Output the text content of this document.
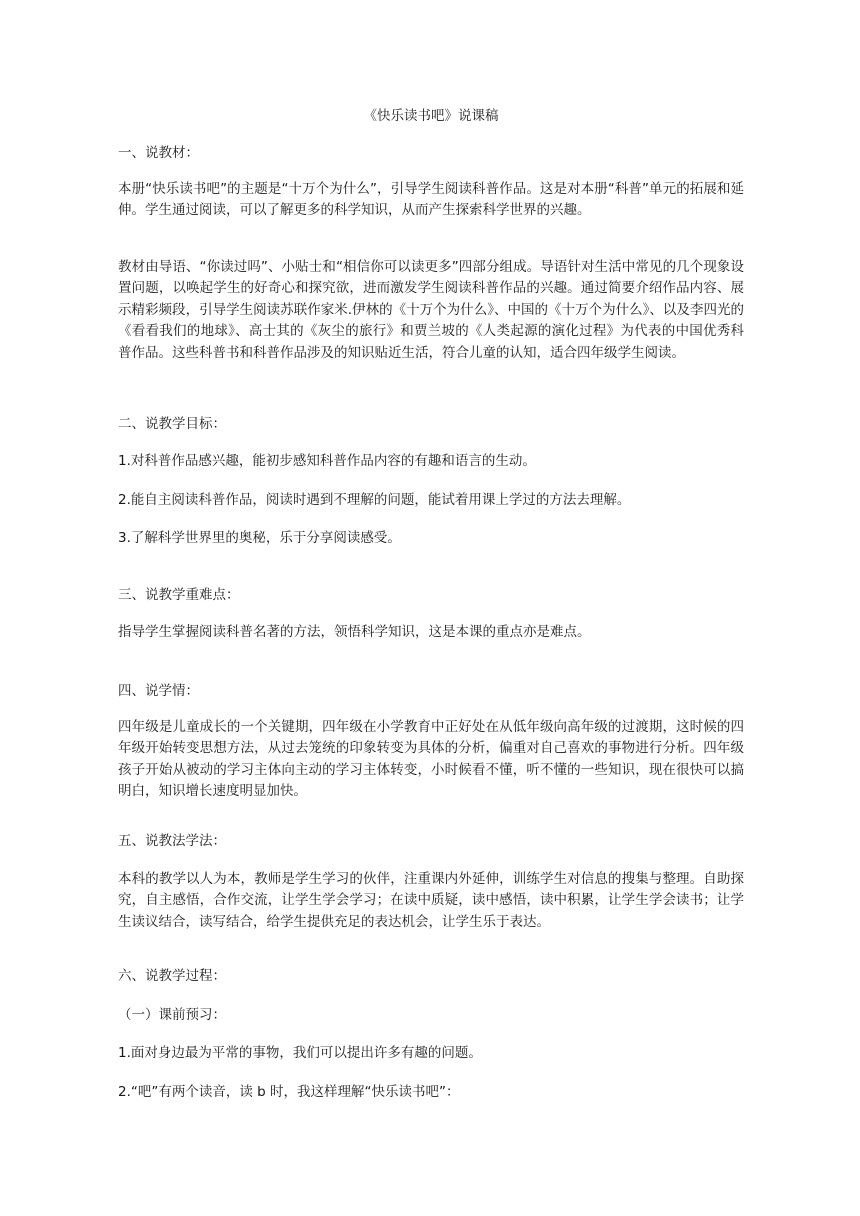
《快乐读书吧》说课稿

一、说教材：

本册“快乐读书吧”的主题是“十万个为什么”，引导学生阅读科普作品。这是对本册“科普”单元的拓展和延伸。学生通过阅读，可以了解更多的科学知识，从而产生探索科学世界的兴趣。

教材由导语、“你读过吗”、小贴士和“相信你可以读更多”四部分组成。导语针对生活中常见的几个现象设置问题，以唤起学生的好奇心和探究欲，进而激发学生阅读科普作品的兴趣。通过简要介绍作品内容、展示精彩频段，引导学生阅读苏联作家米.伊林的《十万个为什么》、中国的《十万个为什么》、以及李四光的《看看我们的地球》、高士其的《灰尘的旅行》和贾兰坡的《人类起源的演化过程》为代表的中国优秀科普作品。这些科普书和科普作品涉及的知识贴近生活，符合儿童的认知，适合四年级学生阅读。

二、说教学目标：

1.对科普作品感兴趣，能初步感知科普作品内容的有趣和语言的生动。

2.能自主阅读科普作品，阅读时遇到不理解的问题，能试着用课上学过的方法去理解。

3.了解科学世界里的奥秘，乐于分享阅读感受。

三、说教学重难点：

指导学生掌握阅读科普名著的方法，领悟科学知识，这是本课的重点亦是难点。

四、说学情：

四年级是儿童成长的一个关键期，四年级在小学教育中正好处在从低年级向高年级的过渡期，这时候的四年级开始转变思想方法，从过去笼统的印象转变为具体的分析，偏重对自己喜欢的事物进行分析。四年级孩子开始从被动的学习主体向主动的学习主体转变，小时候看不懂，听不懂的一些知识，现在很快可以搞明白，知识增长速度明显加快。

五、说教法学法：

本科的教学以人为本，教师是学生学习的伙伴，注重课内外延伸，训练学生对信息的搜集与整理。自助探究，自主感悟，合作交流，让学生学会学习；在读中质疑，读中感悟，读中积累，让学生学会读书；让学生读议结合，读写结合，给学生提供充足的表达机会，让学生乐于表达。

六、说教学过程：

（一）课前预习：

1.面对身边最为平常的事物，我们可以提出许多有趣的问题。

2.“吧”有两个读音，读 b 时，我这样理解“快乐读书吧”：
